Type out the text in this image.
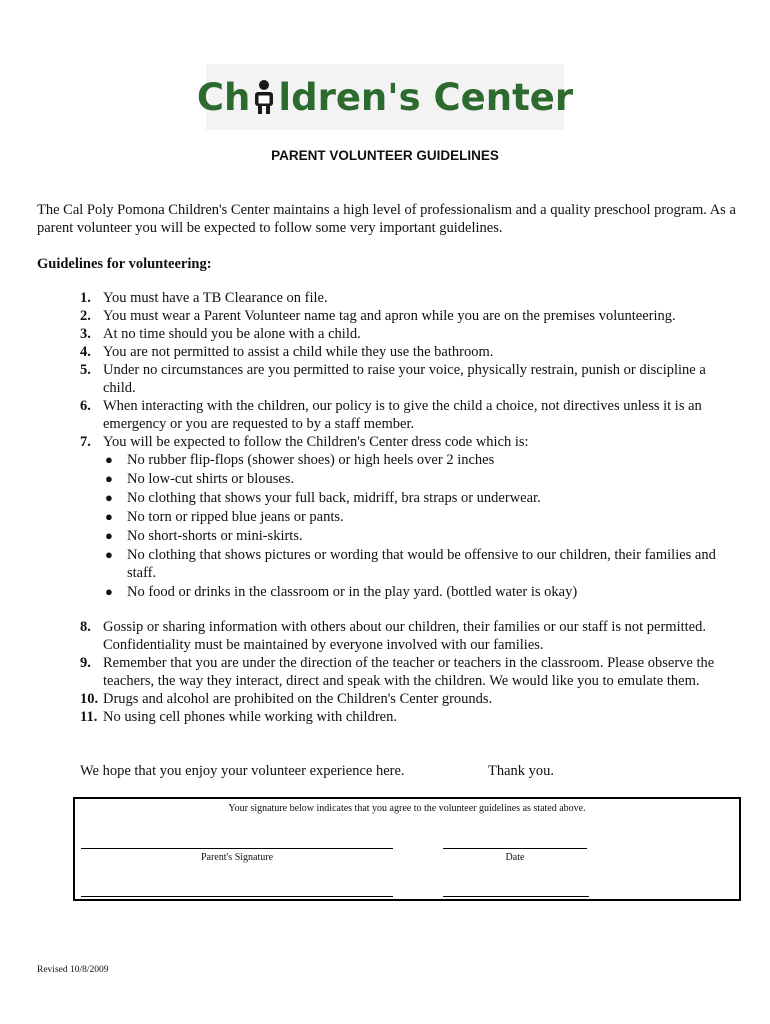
Ch ldren's Center
PARENT VOLUNTEER GUIDELINES
The Cal Poly Pomona Children's Center maintains a high level of professionalism and a quality preschool program. As a parent volunteer you will be expected to follow some very important guidelines.
Guidelines for volunteering:
1. You must have a TB Clearance on file.
2. You must wear a Parent Volunteer name tag and apron while you are on the premises volunteering.
3. At no time should you be alone with a child.
4. You are not permitted to assist a child while they use the bathroom.
5. Under no circumstances are you permitted to raise your voice, physically restrain, punish or discipline a child.
6. When interacting with the children, our policy is to give the child a choice, not directives unless it is an emergency or you are requested to by a staff member.
7. You will be expected to follow the Children's Center dress code which is:
● No rubber flip-flops (shower shoes) or high heels over 2 inches
● No low-cut shirts or blouses.
● No clothing that shows your full back, midriff, bra straps or underwear.
● No torn or ripped blue jeans or pants.
● No short-shorts or mini-skirts.
● No clothing that shows pictures or wording that would be offensive to our children, their families and staff.
● No food or drinks in the classroom or in the play yard. (bottled water is okay)
8. Gossip or sharing information with others about our children, their families or our staff is not permitted. Confidentiality must be maintained by everyone involved with our families.
9. Remember that you are under the direction of the teacher or teachers in the classroom. Please observe the teachers, the way they interact, direct and speak with the children. We would like you to emulate them.
10. Drugs and alcohol are prohibited on the Children's Center grounds.
11. No using cell phones while working with children.
We hope that you enjoy your volunteer experience here.	Thank you.
Your signature below indicates that you agree to the volunteer guidelines as stated above.
Parent's Signature	Date
Revised 10/8/2009
